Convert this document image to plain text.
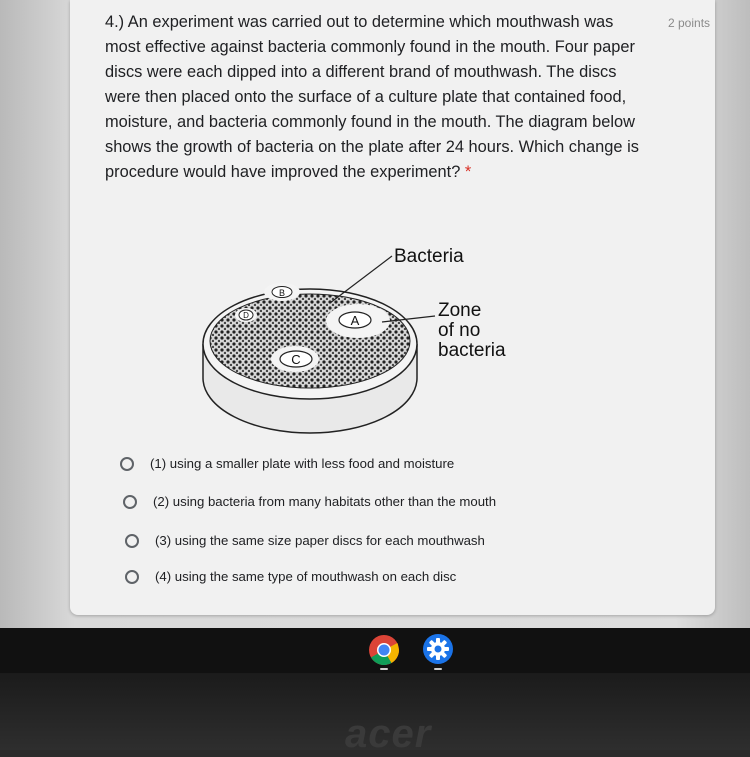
4.) An experiment was carried out to determine which mouthwash was most effective against bacteria commonly found in the mouth. Four paper discs were each dipped into a different brand of mouthwash. The discs were then placed onto the surface of a culture plate that contained food, moisture, and bacteria commonly found in the mouth. The diagram below shows the growth of bacteria on the plate after 24 hours. Which change is procedure would have improved the experiment? *

2 points
A
B
C
D
Bacteria
Zone
of no
bacteria
(1) using a smaller plate with less food and moisture
(2) using bacteria from many habitats other than the mouth
(3) using the same size paper discs for each mouthwash
(4) using the same type of mouthwash on each disc
acer
